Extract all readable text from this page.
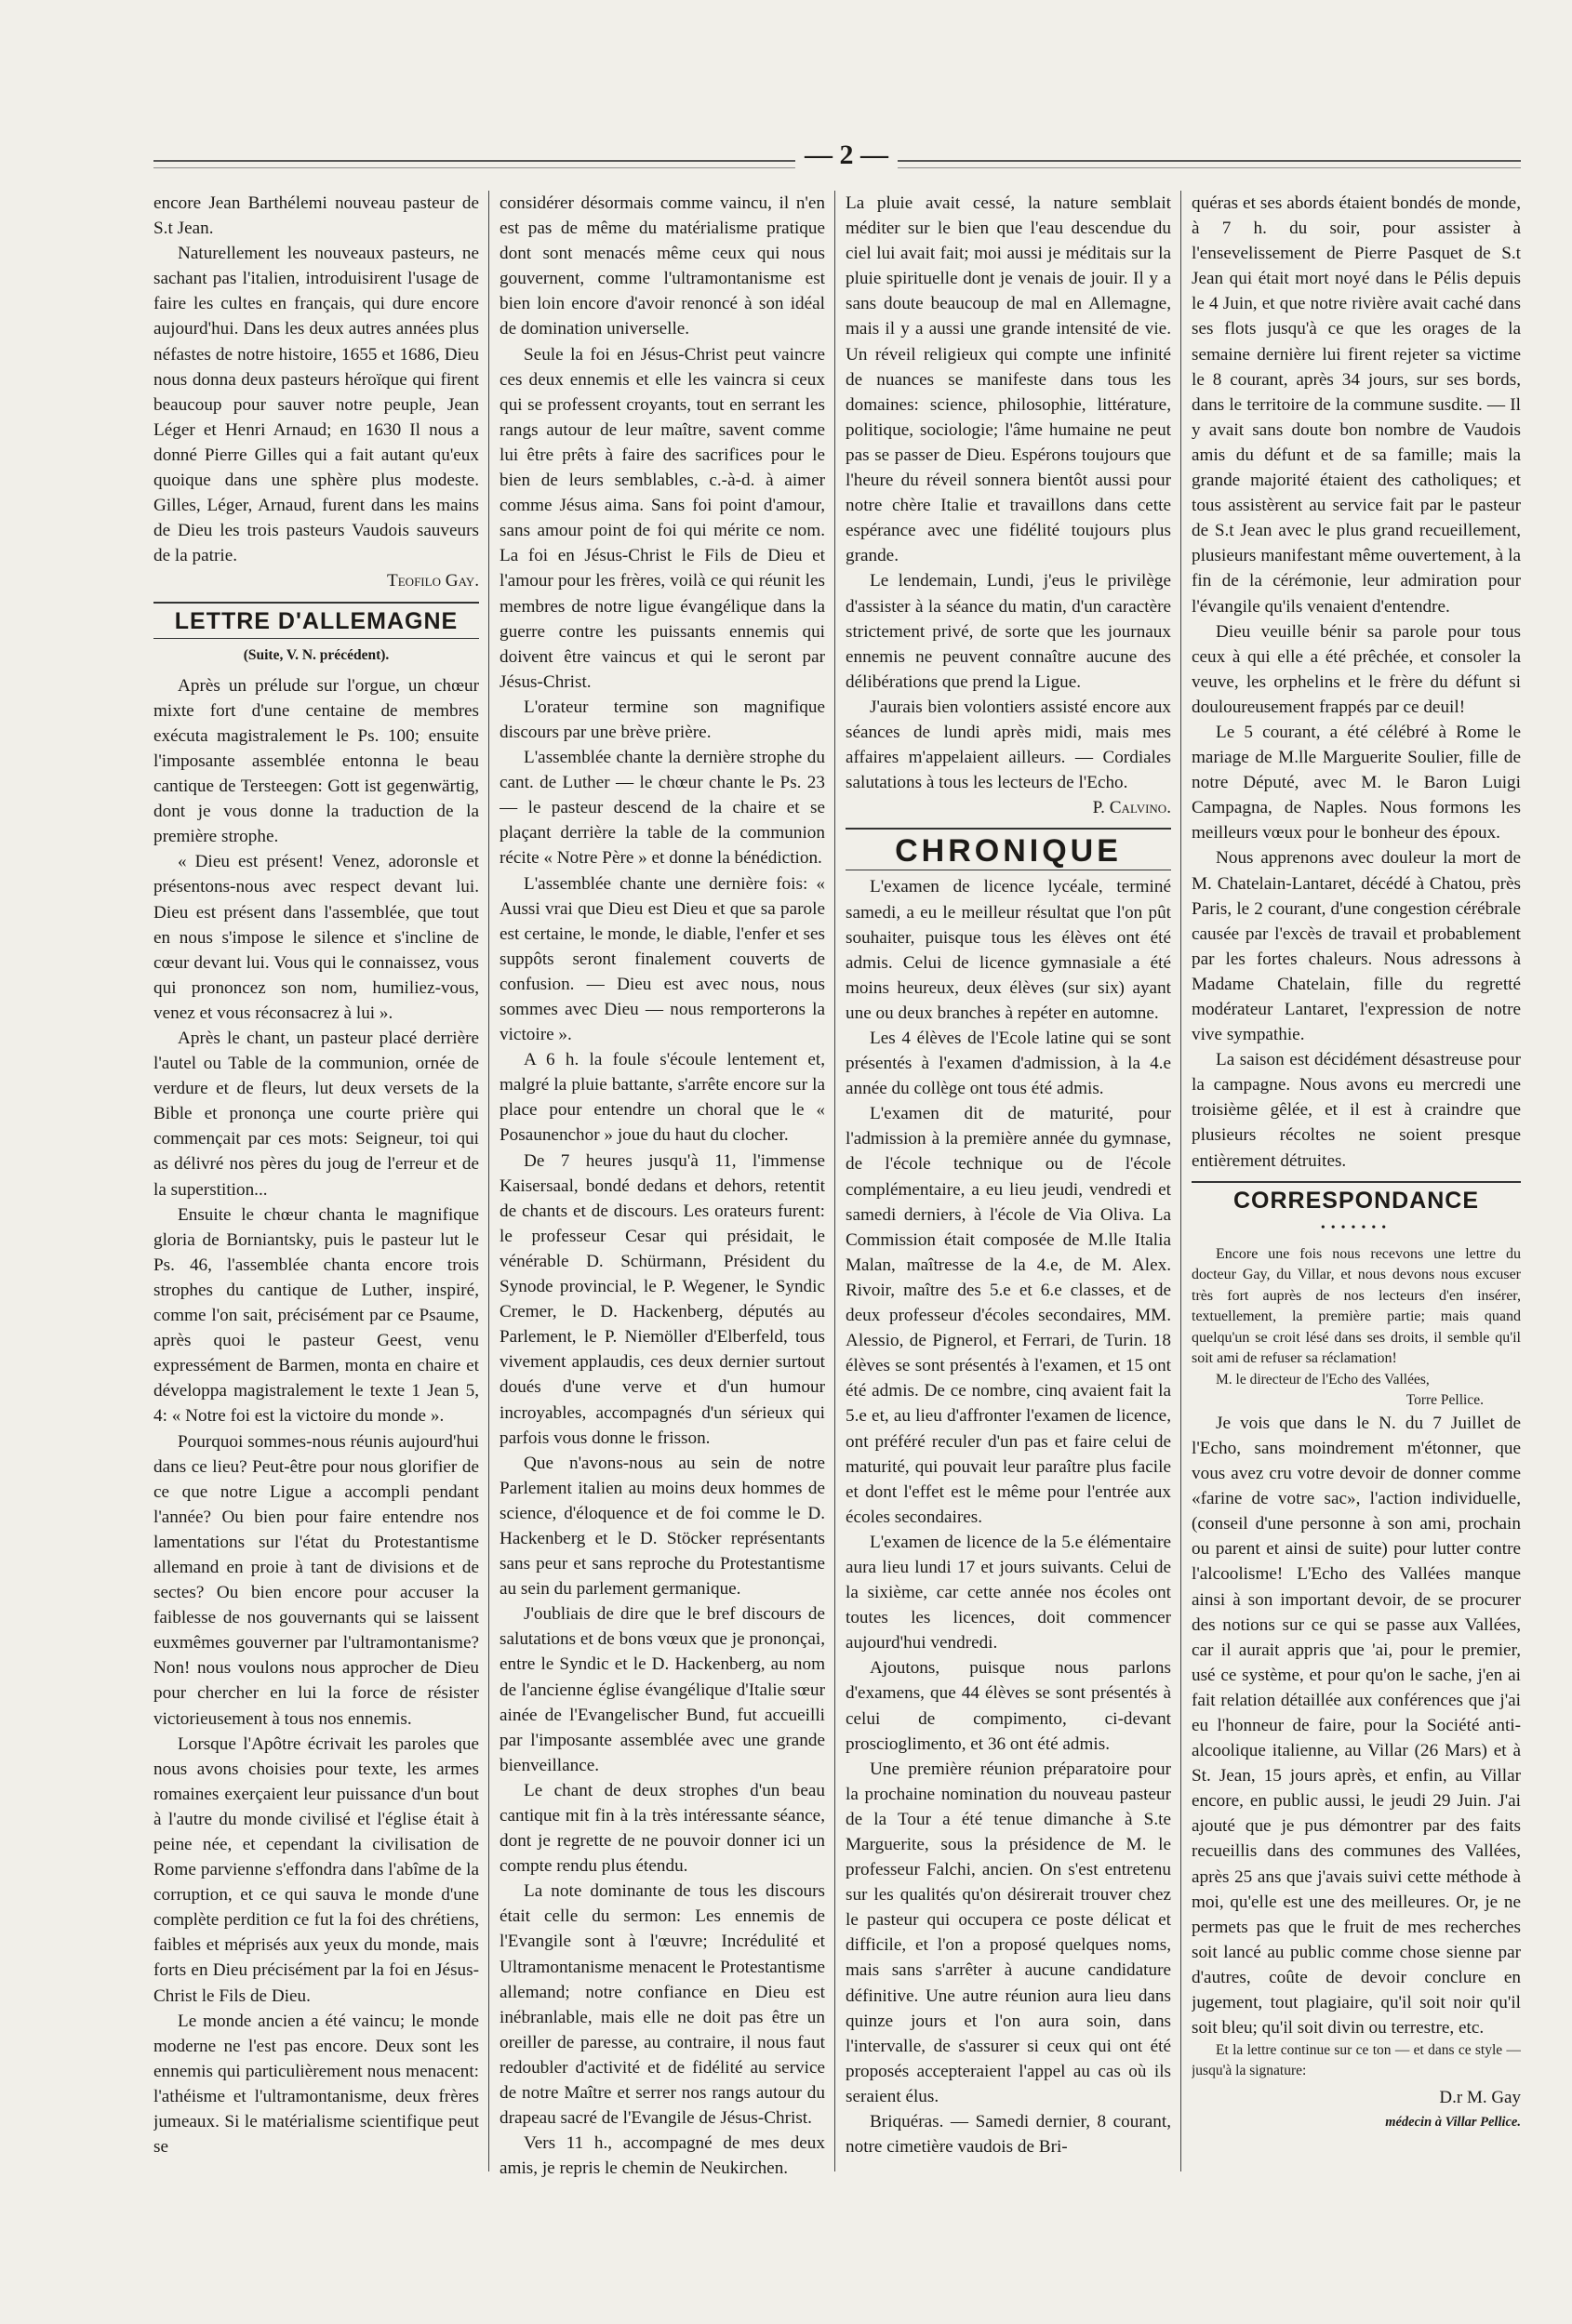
— 2 —

encore Jean Barthélemi nouveau pasteur de S.t Jean.

Naturellement les nouveaux pasteurs, ne sachant pas l'italien, introduisirent l'usage de faire les cultes en français, qui dure encore aujourd'hui. Dans les deux autres années plus néfastes de notre histoire, 1655 et 1686, Dieu nous donna deux pasteurs héroïque qui firent beaucoup pour sauver notre peuple, Jean Léger et Henri Arnaud; en 1630 Il nous a donné Pierre Gilles qui a fait autant qu'eux quoique dans une sphère plus modeste. Gilles, Léger, Arnaud, furent dans les mains de Dieu les trois pasteurs Vaudois sauveurs de la patrie.

Teofilo Gay.

LETTRE D'ALLEMAGNE
(Suite, V. N. précédent).

Après un prélude sur l'orgue, un chœur mixte fort d'une centaine de membres exécuta magistralement le Ps. 100; ensuite l'imposante assemblée entonna le beau cantique de Tersteegen: Gott ist gegenwärtig, dont je vous donne la traduction de la première strophe.

« Dieu est présent! Venez, adoronsle et présentons-nous avec respect devant lui. Dieu est présent dans l'assemblée, que tout en nous s'impose le silence et s'incline de cœur devant lui. Vous qui le connaissez, vous qui prononcez son nom, humiliez-vous, venez et vous réconsacrez à lui ».

Après le chant, un pasteur placé derrière l'autel ou Table de la communion, ornée de verdure et de fleurs, lut deux versets de la Bible et prononça une courte prière qui commençait par ces mots: Seigneur, toi qui as délivré nos pères du joug de l'erreur et de la superstition...

Ensuite le chœur chanta le magnifique gloria de Borniantsky, puis le pasteur lut le Ps. 46, l'assemblée chanta encore trois strophes du cantique de Luther, inspiré, comme l'on sait, précisément par ce Psaume, après quoi le pasteur Geest, venu expressément de Barmen, monta en chaire et développa magistralement le texte 1 Jean 5, 4: « Notre foi est la victoire du monde ».

Pourquoi sommes-nous réunis aujourd'hui dans ce lieu? Peut-être pour nous glorifier de ce que notre Ligue a accompli pendant l'année? Ou bien pour faire entendre nos lamentations sur l'état du Protestantisme allemand en proie à tant de divisions et de sectes? Ou bien encore pour accuser la faiblesse de nos gouvernants qui se laissent euxmêmes gouverner par l'ultramontanisme? Non! nous voulons nous approcher de Dieu pour chercher en lui la force de résister victorieusement à tous nos ennemis.

Lorsque l'Apôtre écrivait les paroles que nous avons choisies pour texte, les armes romaines exerçaient leur puissance d'un bout à l'autre du monde civilisé et l'église était à peine née, et cependant la civilisation de Rome parvienne s'effondra dans l'abîme de la corruption, et ce qui sauva le monde d'une complète perdition ce fut la foi des chrétiens, faibles et méprisés aux yeux du monde, mais forts en Dieu précisément par la foi en Jésus-Christ le Fils de Dieu.

Le monde ancien a été vaincu; le monde moderne ne l'est pas encore. Deux sont les ennemis qui particulièrement nous menacent: l'athéisme et l'ultramontanisme, deux frères jumeaux. Si le matérialisme scientifique peut se

considérer désormais comme vaincu, il n'en est pas de même du matérialisme pratique dont sont menacés même ceux qui nous gouvernent, comme l'ultramontanisme est bien loin encore d'avoir renoncé à son idéal de domination universelle.

Seule la foi en Jésus-Christ peut vaincre ces deux ennemis et elle les vaincra si ceux qui se professent croyants, tout en serrant les rangs autour de leur maître, savent comme lui être prêts à faire des sacrifices pour le bien de leurs semblables, c.-à-d. à aimer comme Jésus aima. Sans foi point d'amour, sans amour point de foi qui mérite ce nom. La foi en Jésus-Christ le Fils de Dieu et l'amour pour les frères, voilà ce qui réunit les membres de notre ligue évangélique dans la guerre contre les puissants ennemis qui doivent être vaincus et qui le seront par Jésus-Christ.

L'orateur termine son magnifique discours par une brève prière.

L'assemblée chante la dernière strophe du cant. de Luther — le chœur chante le Ps. 23 — le pasteur descend de la chaire et se plaçant derrière la table de la communion récite « Notre Père » et donne la bénédiction.

L'assemblée chante une dernière fois: « Aussi vrai que Dieu est Dieu et que sa parole est certaine, le monde, le diable, l'enfer et ses suppôts seront finalement couverts de confusion. — Dieu est avec nous, nous sommes avec Dieu — nous remporterons la victoire ».

A 6 h. la foule s'écoule lentement et, malgré la pluie battante, s'arrête encore sur la place pour entendre un choral que le « Posaunenchor » joue du haut du clocher.

De 7 heures jusqu'à 11, l'immense Kaisersaal, bondé dedans et dehors, retentit de chants et de discours. Les orateurs furent: le professeur Cesar qui présidait, le vénérable D. Schürmann, Président du Synode provincial, le P. Wegener, le Syndic Cremer, le D. Hackenberg, députés au Parlement, le P. Niemöller d'Elberfeld, tous vivement applaudis, ces deux dernier surtout doués d'une verve et d'un humour incroyables, accompagnés d'un sérieux qui parfois vous donne le frisson.

Que n'avons-nous au sein de notre Parlement italien au moins deux hommes de science, d'éloquence et de foi comme le D. Hackenberg et le D. Stöcker représentants sans peur et sans reproche du Protestantisme au sein du parlement germanique.

J'oubliais de dire que le bref discours de salutations et de bons vœux que je prononçai, entre le Syndic et le D. Hackenberg, au nom de l'ancienne église évangélique d'Italie sœur ainée de l'Evangelischer Bund, fut accueilli par l'imposante assemblée avec une grande bienveillance.

Le chant de deux strophes d'un beau cantique mit fin à la très intéressante séance, dont je regrette de ne pouvoir donner ici un compte rendu plus étendu.

La note dominante de tous les discours était celle du sermon: Les ennemis de l'Evangile sont à l'œuvre; Incrédulité et Ultramontanisme menacent le Protestantisme allemand; notre confiance en Dieu est inébranlable, mais elle ne doit pas être un oreiller de paresse, au contraire, il nous faut redoubler d'activité et de fidélité au service de notre Maître et serrer nos rangs autour du drapeau sacré de l'Evangile de Jésus-Christ.

Vers 11 h., accompagné de mes deux amis, je repris le chemin de Neukirchen.

La pluie avait cessé, la nature semblait méditer sur le bien que l'eau descendue du ciel lui avait fait; moi aussi je méditais sur la pluie spirituelle dont je venais de jouir. Il y a sans doute beaucoup de mal en Allemagne, mais il y a aussi une grande intensité de vie. Un réveil religieux qui compte une infinité de nuances se manifeste dans tous les domaines: science, philosophie, littérature, politique, sociologie; l'âme humaine ne peut pas se passer de Dieu. Espérons toujours que l'heure du réveil sonnera bientôt aussi pour notre chère Italie et travaillons dans cette espérance avec une fidélité toujours plus grande.

Le lendemain, Lundi, j'eus le privilège d'assister à la séance du matin, d'un caractère strictement privé, de sorte que les journaux ennemis ne peuvent connaître aucune des délibérations que prend la Ligue.

J'aurais bien volontiers assisté encore aux séances de lundi après midi, mais mes affaires m'appelaient ailleurs. — Cordiales salutations à tous les lecteurs de l'Echo.

P. Calvino.

CHRONIQUE

L'examen de licence lycéale, terminé samedi, a eu le meilleur résultat que l'on pût souhaiter, puisque tous les élèves ont été admis. Celui de licence gymnasiale a été moins heureux, deux élèves (sur six) ayant une ou deux branches à repéter en automne.

Les 4 élèves de l'Ecole latine qui se sont présentés à l'examen d'admission, à la 4.e année du collège ont tous été admis.

L'examen dit de maturité, pour l'admission à la première année du gymnase, de l'école technique ou de l'école complémentaire, a eu lieu jeudi, vendredi et samedi derniers, à l'école de Via Oliva. La Commission était composée de M.lle Italia Malan, maîtresse de la 4.e, de M. Alex. Rivoir, maître des 5.e et 6.e classes, et de deux professeur d'écoles secondaires, MM. Alessio, de Pignerol, et Ferrari, de Turin. 18 élèves se sont présentés à l'examen, et 15 ont été admis. De ce nombre, cinq avaient fait la 5.e et, au lieu d'affronter l'examen de licence, ont préféré reculer d'un pas et faire celui de maturité, qui pouvait leur paraître plus facile et dont l'effet est le même pour l'entrée aux écoles secondaires.

L'examen de licence de la 5.e élémentaire aura lieu lundi 17 et jours suivants. Celui de la sixième, car cette année nos écoles ont toutes les licences, doit commencer aujourd'hui vendredi.

Ajoutons, puisque nous parlons d'examens, que 44 élèves se sont présentés à celui de compimento, ci-devant proscioglimento, et 36 ont été admis.

Une première réunion préparatoire pour la prochaine nomination du nouveau pasteur de la Tour a été tenue dimanche à S.te Marguerite, sous la présidence de M. le professeur Falchi, ancien. On s'est entretenu sur les qualités qu'on désirerait trouver chez le pasteur qui occupera ce poste délicat et difficile, et l'on a proposé quelques noms, mais sans s'arrêter à aucune candidature définitive. Une autre réunion aura lieu dans quinze jours et l'on aura soin, dans l'intervalle, de s'assurer si ceux qui ont été proposés accepteraient l'appel au cas où ils seraient élus.

Briquéras. — Samedi dernier, 8 courant, notre cimetière vaudois de Bri-

quéras et ses abords étaient bondés de monde, à 7 h. du soir, pour assister à l'ensevelissement de Pierre Pasquet de S.t Jean qui était mort noyé dans le Pélis depuis le 4 Juin, et que notre rivière avait caché dans ses flots jusqu'à ce que les orages de la semaine dernière lui firent rejeter sa victime le 8 courant, après 34 jours, sur ses bords, dans le territoire de la commune susdite. — Il y avait sans doute bon nombre de Vaudois amis du défunt et de sa famille; mais la grande majorité étaient des catholiques; et tous assistèrent au service fait par le pasteur de S.t Jean avec le plus grand recueillement, plusieurs manifestant même ouvertement, à la fin de la cérémonie, leur admiration pour l'évangile qu'ils venaient d'entendre.

Dieu veuille bénir sa parole pour tous ceux à qui elle a été prêchée, et consoler la veuve, les orphelins et le frère du défunt si douloureusement frappés par ce deuil!

Le 5 courant, a été célébré à Rome le mariage de M.lle Marguerite Soulier, fille de notre Député, avec M. le Baron Luigi Campagna, de Naples. Nous formons les meilleurs vœux pour le bonheur des époux.

Nous apprenons avec douleur la mort de M. Chatelain-Lantaret, décédé à Chatou, près Paris, le 2 courant, d'une congestion cérébrale causée par l'excès de travail et probablement par les fortes chaleurs. Nous adressons à Madame Chatelain, fille du regretté modérateur Lantaret, l'expression de notre vive sympathie.

La saison est décidément désastreuse pour la campagne. Nous avons eu mercredi une troisième gêlée, et il est à craindre que plusieurs récoltes ne soient presque entièrement détruites.

CORRESPONDANCE
•••••••

Encore une fois nous recevons une lettre du docteur Gay, du Villar, et nous devons nous excuser très fort auprès de nos lecteurs d'en insérer, textuellement, la première partie; mais quand quelqu'un se croit lésé dans ses droits, il semble qu'il soit ami de refuser sa réclamation!

M. le directeur de l'Echo des Vallées,
Torre Pellice.

Je vois que dans le N. du 7 Juillet de l'Echo, sans moindrement m'étonner, que vous avez cru votre devoir de donner comme «farine de votre sac», l'action individuelle, (conseil d'une personne à son ami, prochain ou parent et ainsi de suite) pour lutter contre l'alcoolisme! L'Echo des Vallées manque ainsi à son important devoir, de se procurer des notions sur ce qui se passe aux Vallées, car il aurait appris que 'ai, pour le premier, usé ce système, et pour qu'on le sache, j'en ai fait relation détaillée aux conférences que j'ai eu l'honneur de faire, pour la Société anti-alcoolique italienne, au Villar (26 Mars) et à St. Jean, 15 jours après, et enfin, au Villar encore, en public aussi, le jeudi 29 Juin. J'ai ajouté que je pus démontrer par des faits recueillis dans des communes des Vallées, après 25 ans que j'avais suivi cette méthode à moi, qu'elle est une des meilleures. Or, je ne permets pas que le fruit de mes recherches soit lancé au public comme chose sienne par d'autres, coûte de devoir conclure en jugement, tout plagiaire, qu'il soit noir qu'il soit bleu; qu'il soit divin ou terrestre, etc.

Et la lettre continue sur ce ton — et dans ce style — jusqu'à la signature:

D.r M. Gay
médecin à Villar Pellice.
